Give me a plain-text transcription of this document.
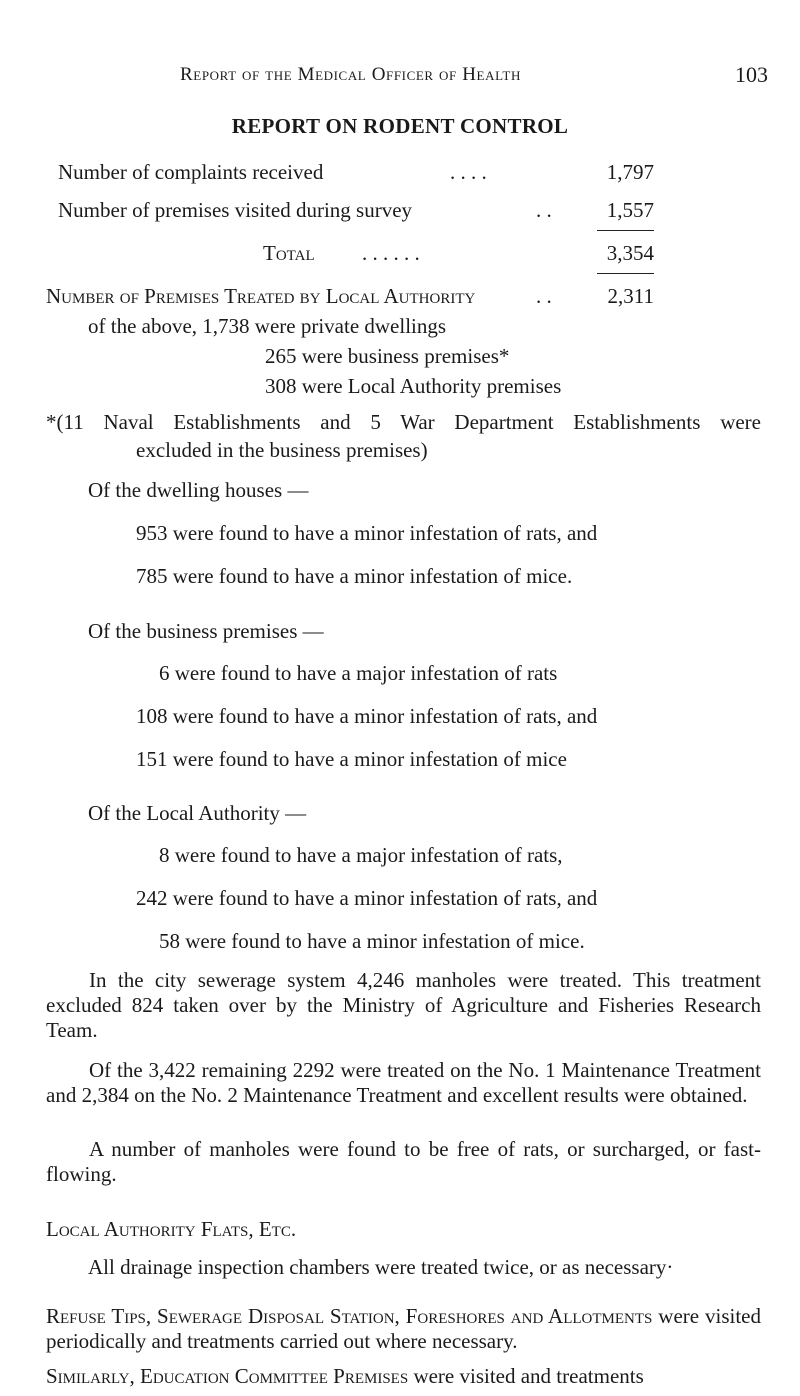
Report of the Medical Officer of Health	103
REPORT ON RODENT CONTROL
Number of complaints received	. . . .	1,797
Number of premises visited during survey	. .	1,557
Total . . . . . .	3,354
Number of Premises Treated by Local Authority	. .	2,311
of the above, 1,738 were private dwellings
265 were business premises*
308 were Local Authority premises
*(11 Naval Establishments and 5 War Department Establishments were
excluded in the business premises)
Of the dwelling houses —
953 were found to have a minor infestation of rats, and
785 were found to have a minor infestation of mice.
Of the business premises —
6 were found to have a major infestation of rats
108 were found to have a minor infestation of rats, and
151 were found to have a minor infestation of mice
Of the Local Authority —
8 were found to have a major infestation of rats,
242 were found to have a minor infestation of rats, and
58 were found to have a minor infestation of mice.
In the city sewerage system 4,246 manholes were treated. This treatment excluded 824 taken over by the Ministry of Agriculture and Fisheries Research Team.
Of the 3,422 remaining 2292 were treated on the No. 1 Maintenance Treatment and 2,384 on the No. 2 Maintenance Treatment and excellent results were obtained.
A number of manholes were found to be free of rats, or surcharged, or fast-flowing.
Local Authority Flats, Etc.
All drainage inspection chambers were treated twice, or as necessary·
Refuse Tips, Sewerage Disposal Station, Foreshores and Allotments were visited periodically and treatments carried out where necessary.
Similarly, Education Committee Premises were visited and treatments
